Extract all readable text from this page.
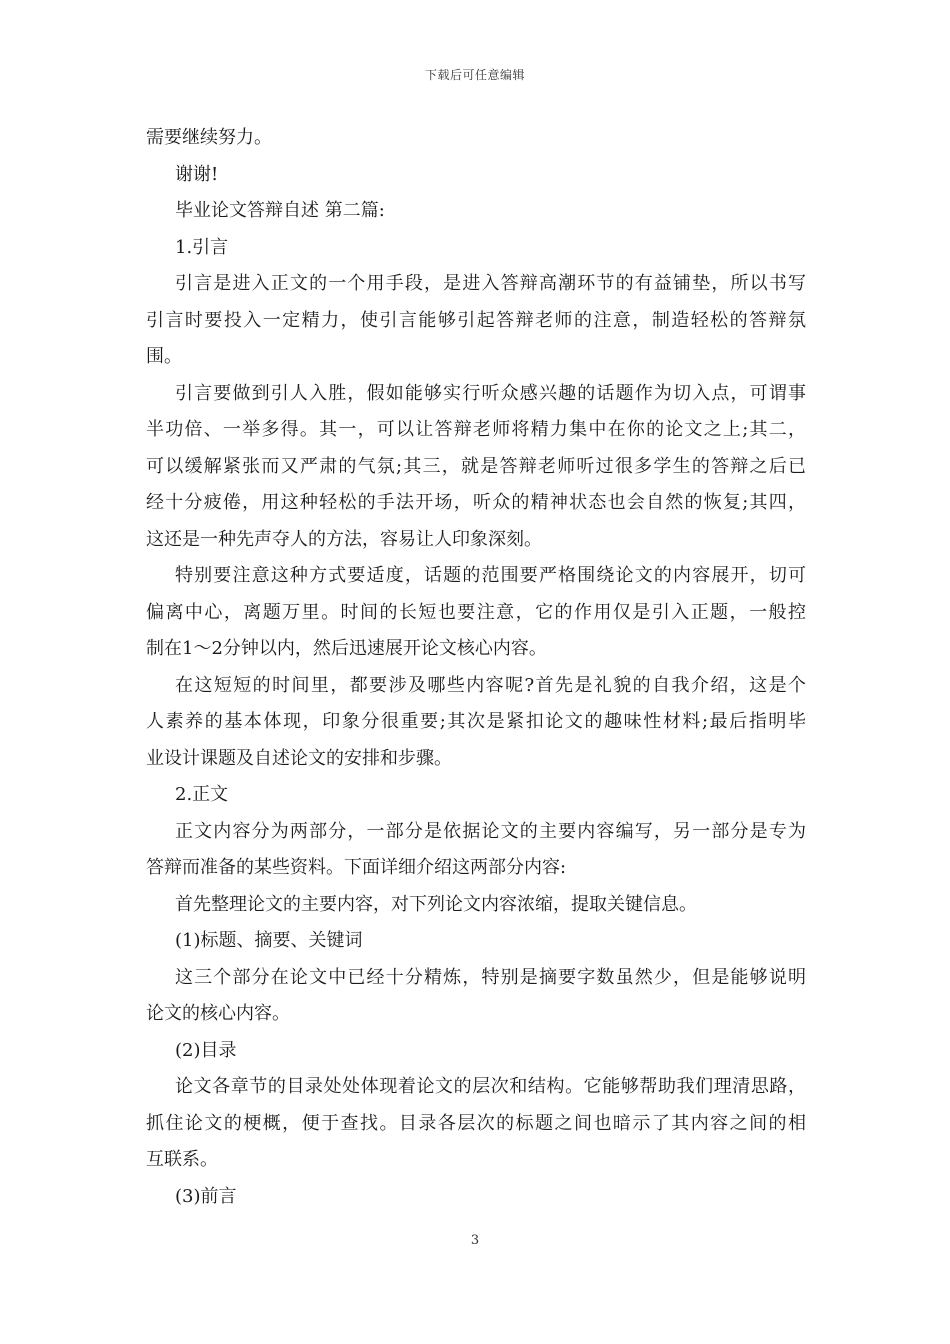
下载后可任意编辑
需要继续努力。
谢谢!
毕业论文答辩自述 第二篇:
1.引言
引言是进入正文的一个用手段，是进入答辩高潮环节的有益铺垫，所以书写
引言时要投入一定精力，使引言能够引起答辩老师的注意，制造轻松的答辩氛
围。
引言要做到引人入胜，假如能够实行听众感兴趣的话题作为切入点，可谓事
半功倍、一举多得。其一，可以让答辩老师将精力集中在你的论文之上;其二，
可以缓解紧张而又严肃的气氛;其三，就是答辩老师听过很多学生的答辩之后已
经十分疲倦，用这种轻松的手法开场，听众的精神状态也会自然的恢复;其四，
这还是一种先声夺人的方法，容易让人印象深刻。
特别要注意这种方式要适度，话题的范围要严格围绕论文的内容展开，切可
偏离中心，离题万里。时间的长短也要注意，它的作用仅是引入正题，一般控
制在1～2分钟以内，然后迅速展开论文核心内容。
在这短短的时间里，都要涉及哪些内容呢?首先是礼貌的自我介绍，这是个
人素养的基本体现，印象分很重要;其次是紧扣论文的趣味性材料;最后指明毕
业设计课题及自述论文的安排和步骤。
2.正文
正文内容分为两部分，一部分是依据论文的主要内容编写，另一部分是专为
答辩而准备的某些资料。下面详细介绍这两部分内容:
首先整理论文的主要内容，对下列论文内容浓缩，提取关键信息。
(1)标题、摘要、关键词
这三个部分在论文中已经十分精炼，特别是摘要字数虽然少，但是能够说明
论文的核心内容。
(2)目录
论文各章节的目录处处体现着论文的层次和结构。它能够帮助我们理清思路，
抓住论文的梗概，便于查找。目录各层次的标题之间也暗示了其内容之间的相
互联系。
(3)前言
3
